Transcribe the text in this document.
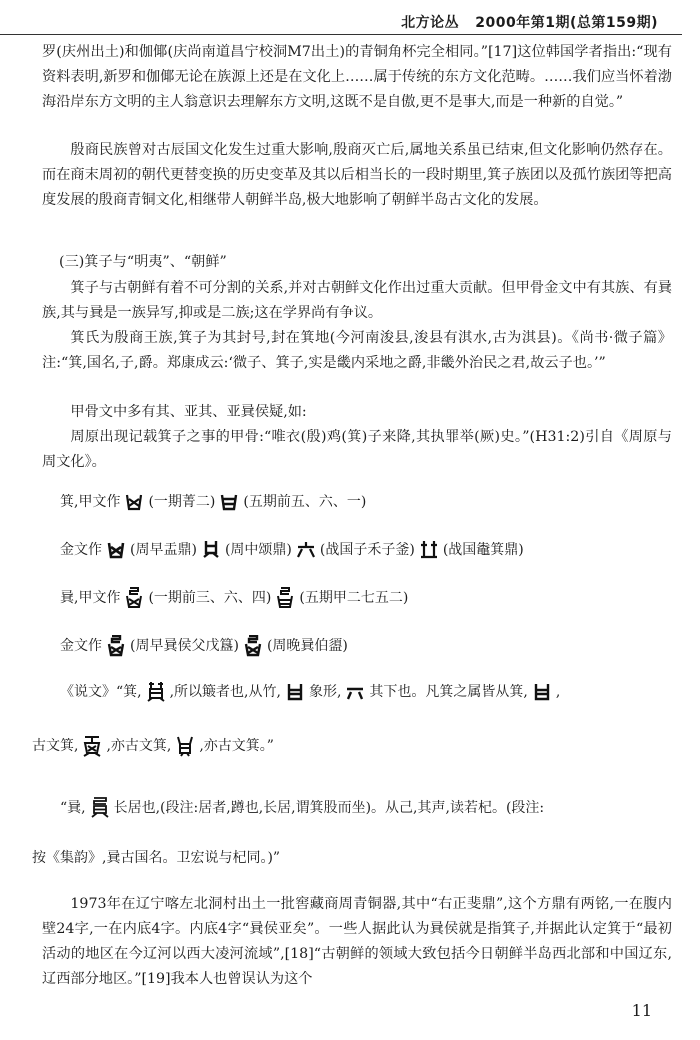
北方论丛 2000年第1期(总第159期)

罗(庆州出土)和伽倻(庆尚南道昌宁校洞M7出土)的青铜角杯完全相同。”[17]这位韩国学者指出:“现有资料表明,新罗和伽倻无论在族源上还是在文化上……属于传统的东方文化范畴。……我们应当怀着渤海沿岸东方文明的主人翁意识去理解东方文明,这既不是自傲,更不是事大,而是一种新的自觉。”

殷商民族曾对古辰国文化发生过重大影响,殷商灭亡后,属地关系虽已结束,但文化影响仍然存在。而在商末周初的朝代更替变换的历史变革及其以后相当长的一段时期里,箕子族团以及孤竹族团等把高度发展的殷商青铜文化,相继带人朝鲜半岛,极大地影响了朝鲜半岛古文化的发展。

(三)箕子与“明夷”、“朝鲜”

箕子与古朝鲜有着不可分割的关系,并对古朝鲜文化作出过重大贡献。但甲骨金文中有其族、有㠱族,其与㠱是一族异写,抑或是二族;这在学界尚有争议。

箕氏为殷商王族,箕子为其封号,封在箕地(今河南浚县,浚县有淇水,古为淇县)。《尚书·微子篇》注:“箕,国名,子,爵。郑康成云:‘微子、箕子,实是畿内采地之爵,非畿外治民之君,故云子也。’”

甲骨文中多有其、亚其、亚㠱侯疑,如:

周原出现记载箕子之事的甲骨:“唯衣(殷)鸡(箕)子来降,其执罪举(厥)史。”(H31:2)引自《周原与周文化》。

箕,甲文作 (一期菁二) (五期前五、六、一)
金文作 (周早盂鼎) (周中颂鼎) (战国子禾子釜) (战国鼄箕鼎)
㠱,甲文作 (一期前三、六、四) (五期甲二七五二)
金文作 (周早㠱侯父戊簋) (周晚㠱伯盨)
《说文》“箕, ,所以簸者也,从竹, 象形, 其下也。凡箕之属皆从箕, ,
古文箕, ,亦古文箕, ,亦古文箕。”
“㠱, 长居也,(段注:居者,蹲也,长居,谓箕股而坐)。从己,其声,读若杞。(段注:
按《集韵》,㠱古国名。卫宏说与杞同。)”

1973年在辽宁喀左北洞村出土一批窖藏商周青铜器,其中“右正斐鼎”,这个方鼎有两铭,一在腹内壁24字,一在内底4字。内底4字“㠱侯亚矣”。一些人据此认为㠱侯就是指箕子,并据此认定箕于“最初活动的地区在今辽河以西大凌河流域”,[18]“古朝鲜的领域大致包括今日朝鲜半岛西北部和中国辽东,辽西部分地区。”[19]我本人也曾误认为这个

11
